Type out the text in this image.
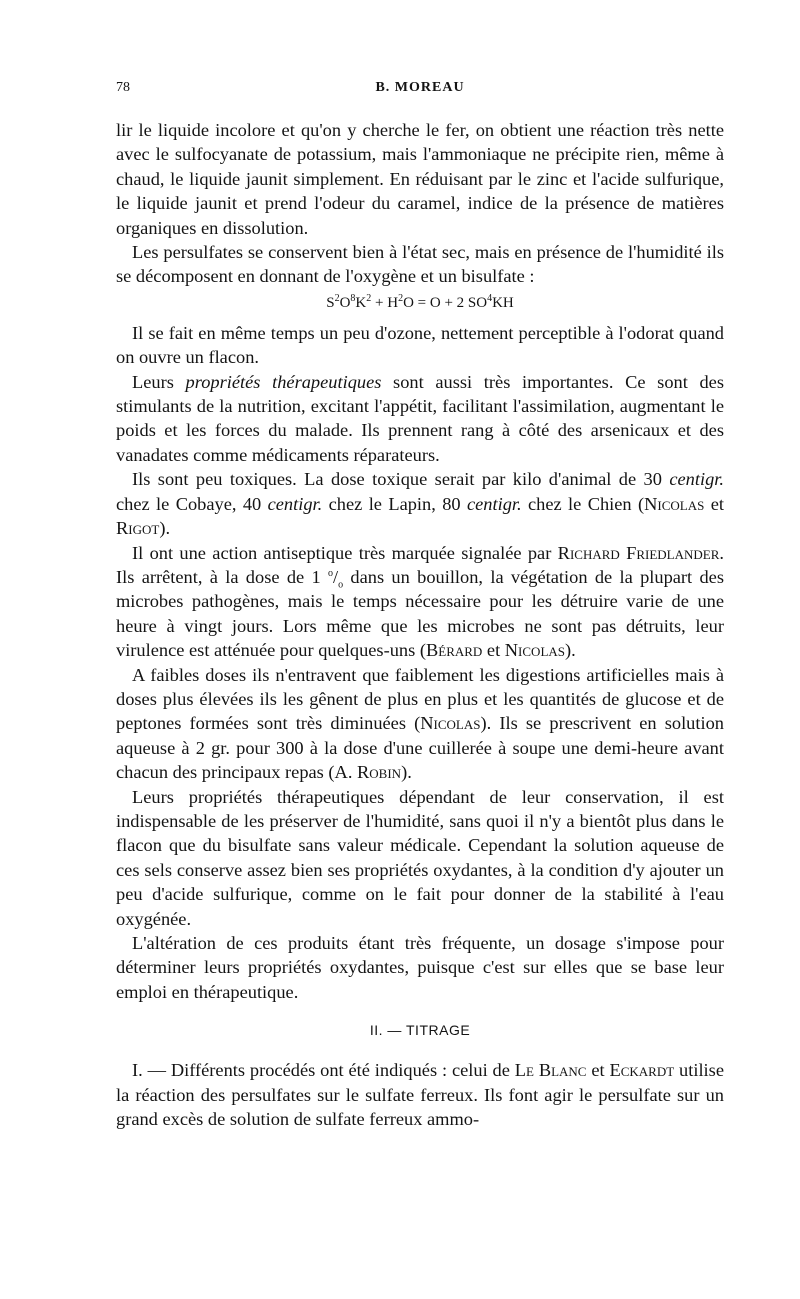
78	B. MOREAU

lir le liquide incolore et qu'on y cherche le fer, on obtient une réaction très nette avec le sulfocyanate de potassium, mais l'ammoniaque ne précipite rien, même à chaud, le liquide jaunit simplement. En réduisant par le zinc et l'acide sulfurique, le liquide jaunit et prend l'odeur du caramel, indice de la présence de matières organiques en dissolution.

Les persulfates se conservent bien à l'état sec, mais en présence de l'humidité ils se décomposent en donnant de l'oxygène et un bisulfate :

$S^2O^8K^2 + H^2O = O + 2$ $SO^4KH$

Il se fait en même temps un peu d'ozone, nettement perceptible à l'odorat quand on ouvre un flacon.

Leurs propriétés thérapeutiques sont aussi très importantes. Ce sont des stimulants de la nutrition, excitant l'appétit, facilitant l'assimilation, augmentant le poids et les forces du malade. Ils prennent rang à côté des arsenicaux et des vanadates comme médicaments réparateurs.

Ils sont peu toxiques. La dose toxique serait par kilo d'animal de 30 centigr. chez le Cobaye, 40 centigr. chez le Lapin, 80 centigr. chez le Chien (Nicolas et Rigot).

Il ont une action antiseptique très marquée signalée par Richard Friedlander. Ils arrêtent, à la dose de 1 $^o/_o$ dans un bouillon, la végétation de la plupart des microbes pathogènes, mais le temps nécessaire pour les détruire varie de une heure à vingt jours. Lors même que les microbes ne sont pas détruits, leur virulence est atténuée pour quelques-uns (Bérard et Nicolas).

A faibles doses ils n'entravent que faiblement les digestions artificielles mais à doses plus élevées ils les gênent de plus en plus et les quantités de glucose et de peptones formées sont très diminuées (Nicolas). Ils se prescrivent en solution aqueuse à 2 gr. pour 300 à la dose d'une cuillerée à soupe une demi-heure avant chacun des principaux repas (A. Robin).

Leurs propriétés thérapeutiques dépendant de leur conservation, il est indispensable de les préserver de l'humidité, sans quoi il n'y a bientôt plus dans le flacon que du bisulfate sans valeur médicale. Cependant la solution aqueuse de ces sels conserve assez bien ses propriétés oxydantes, à la condition d'y ajouter un peu d'acide sulfurique, comme on le fait pour donner de la stabilité à l'eau oxygénée.

L'altération de ces produits étant très fréquente, un dosage s'impose pour déterminer leurs propriétés oxydantes, puisque c'est sur elles que se base leur emploi en thérapeutique.

II. — TITRAGE

I. — Différents procédés ont été indiqués : celui de Le Blanc et Eckardt utilise la réaction des persulfates sur le sulfate ferreux. Ils font agir le persulfate sur un grand excès de solution de sulfate ferreux ammo-
